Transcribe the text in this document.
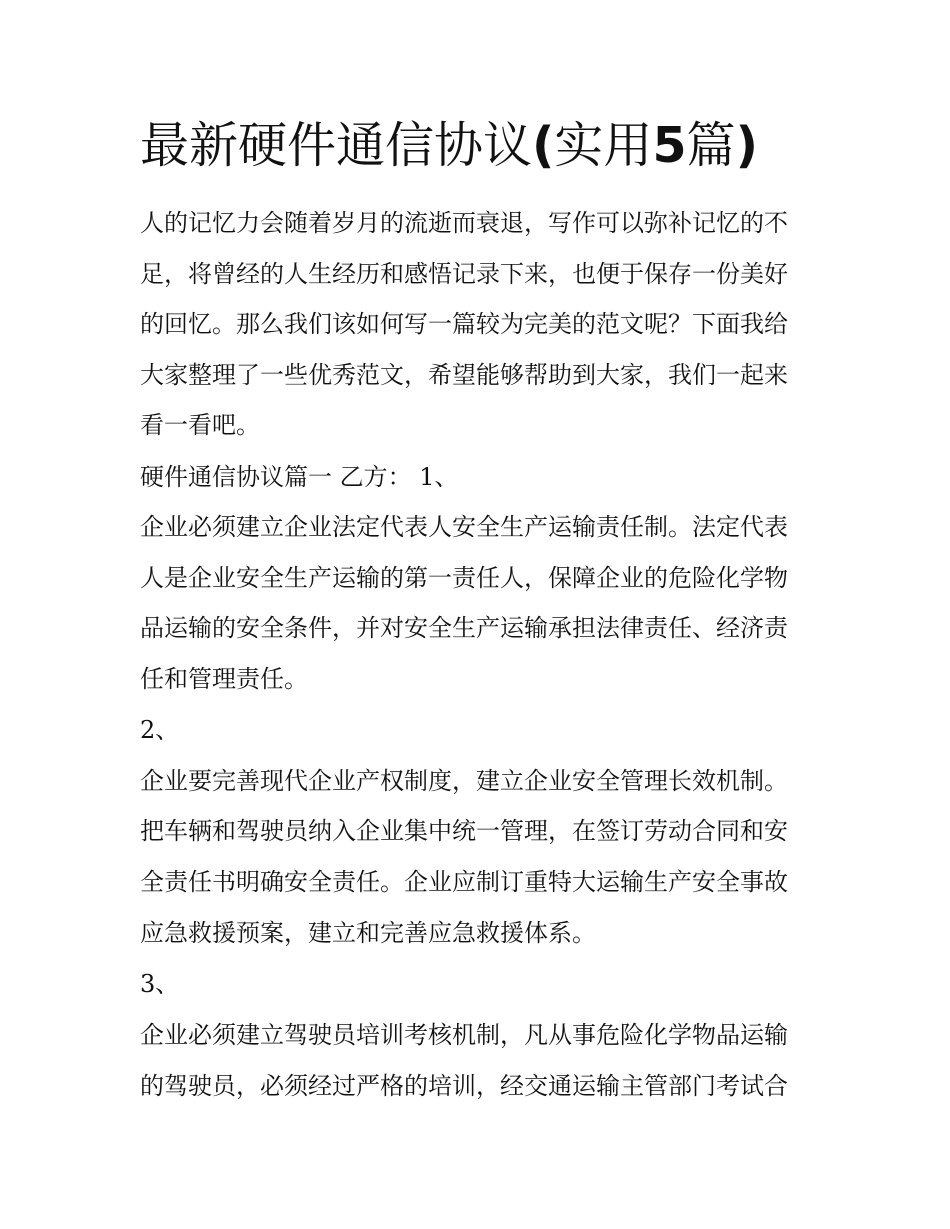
最新硬件通信协议(实用5篇)

人的记忆力会随着岁月的流逝而衰退，写作可以弥补记忆的不

足，将曾经的人生经历和感悟记录下来，也便于保存一份美好

的回忆。那么我们该如何写一篇较为完美的范文呢？下面我给

大家整理了一些优秀范文，希望能够帮助到大家，我们一起来

看一看吧。

硬件通信协议篇一 乙方： 1、

企业必须建立企业法定代表人安全生产运输责任制。法定代表

人是企业安全生产运输的第一责任人，保障企业的危险化学物

品运输的安全条件，并对安全生产运输承担法律责任、经济责

任和管理责任。

2、

企业要完善现代企业产权制度，建立企业安全管理长效机制。

把车辆和驾驶员纳入企业集中统一管理，在签订劳动合同和安

全责任书明确安全责任。企业应制订重特大运输生产安全事故

应急救援预案，建立和完善应急救援体系。

3、

企业必须建立驾驶员培训考核机制，凡从事危险化学物品运输

的驾驶员，必须经过严格的培训，经交通运输主管部门考试合
